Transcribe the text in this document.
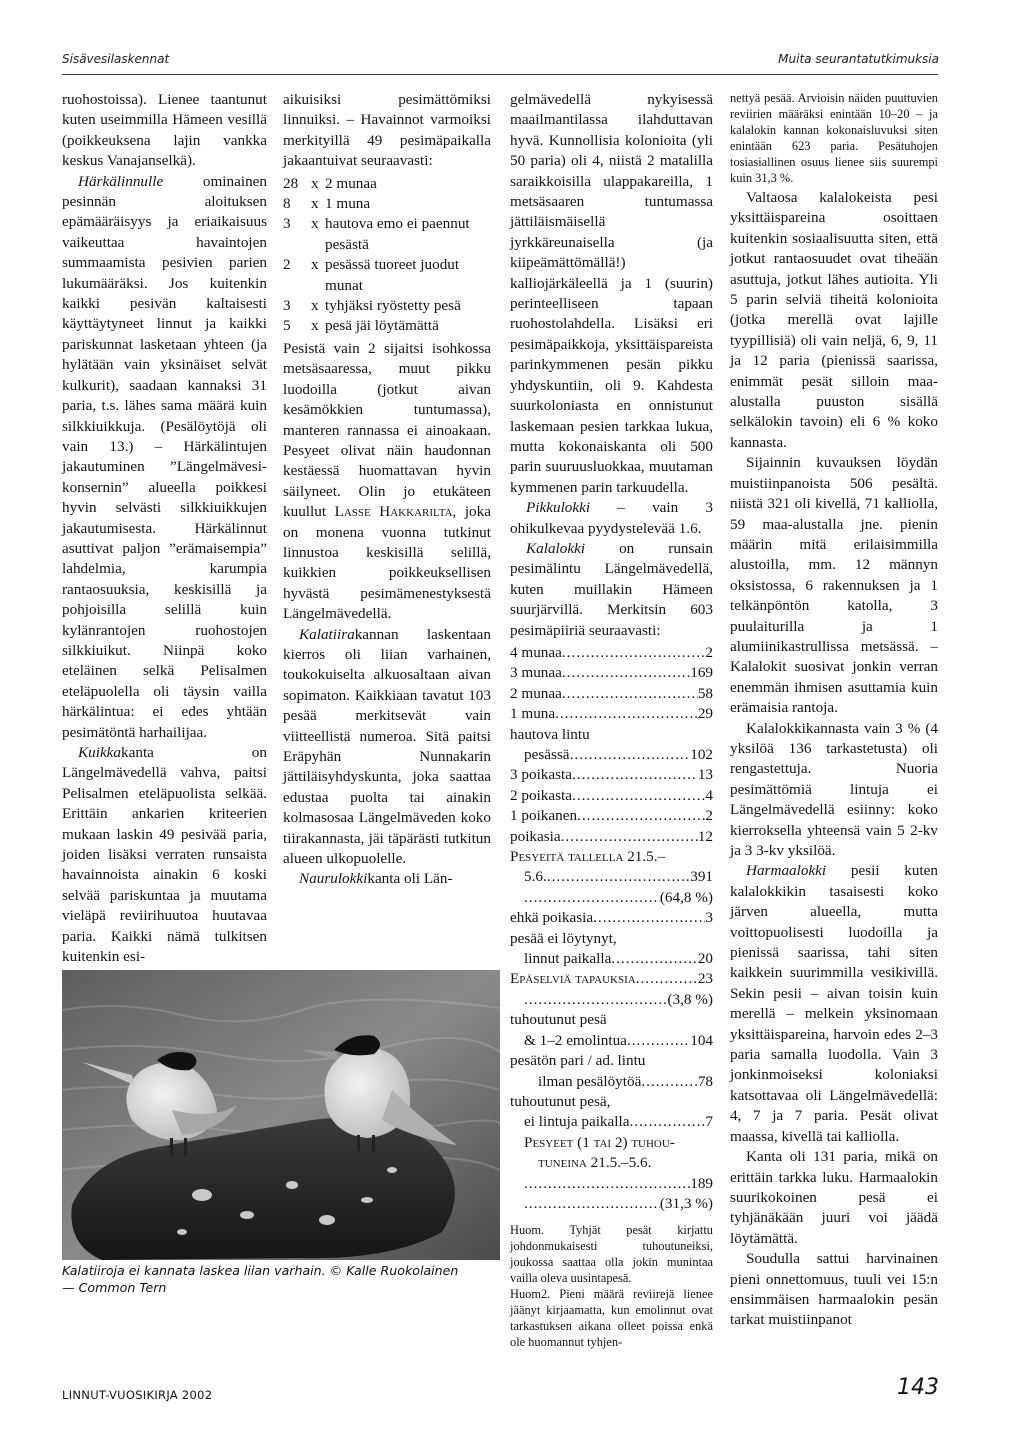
Sisävesilaskennat	Muita seurantatutkimuksia

ruohostoissa). Lienee taantunut kuten useimmilla Hämeen vesillä (poikkeuksena lajin vankka keskus Vanajanselkä).

Härkälinnulle ominainen pesinnän aloituksen epämääräisyys ja eriaikaisuus vaikeuttaa havaintojen summaamista pesivien parien lukumääräksi. Jos kuitenkin kaikki pesivän kaltaisesti käyttäytyneet linnut ja kaikki pariskunnat lasketaan yhteen (ja hylätään vain yksinäiset selvät kulkurit), saadaan kannaksi 31 paria, t.s. lähes sama määrä kuin silkkiuikkuja. (Pesälöytöjä oli vain 13.) – Härkälintujen jakautuminen ”Längelmävesi-konsernin” alueella poikkesi hyvin selvästi silkkiuikkujen jakautumisesta. Härkälinnut asuttivat paljon ”erämaisempia” lahdelmia, karumpia rantaosuuksia, keskisillä ja pohjoisilla selillä kuin kylänrantojen ruohostojen silkkiuikut. Niinpä koko eteläinen selkä Pelisalmen eteläpuolella oli täysin vailla härkälintua: ei edes yhtään pesimätöntä harhailijaa.

Kuikkakanta on Längelmävedellä vahva, paitsi Pelisalmen eteläpuolista selkää. Erittäin ankarien kriteerien mukaan laskin 49 pesivää paria, joiden lisäksi verraten runsaista havainnoista ainakin 6 koski selvää pariskuntaa ja muutama vieläpä reviirihuutoa huutavaa paria. Kaikki nämä tulkitsen kuitenkin esi-

aikuisiksi pesimättömiksi linnuiksi. – Havainnot varmoiksi merkityillä 49 pesimäpaikalla jakaantuivat seuraavasti:

28 x 2 munaa
8	x 1 muna
3	x hautova emo ei paennut pesästä
2	x pesässä tuoreet juodut munat
3	x tyhjäksi ryöstetty pesä
5	x pesä jäi löytämättä

Pesistä vain 2 sijaitsi isohkossa metsäsaaressa, muut pikku luodoilla (jotkut aivan kesämökkien tuntumassa), manteren rannassa ei ainoakaan. Pesyeet olivat näin haudonnan kestäessä huomattavan hyvin säilyneet. Olin jo etukäteen kuullut Lasse Hakkarilta, joka on monena vuonna tutkinut linnustoa keskisillä selillä, kuikkien poikkeuksellisen hyvästä pesimämenestyksestä Längelmävedellä.

Kalatiirakannan laskentaan kierros oli liian varhainen, toukokuiselta alkuosaltaan aivan sopimaton. Kaikkiaan tavatut 103 pesää merkitsevät vain viitteellistä numeroa. Sitä paitsi Eräpyhän Nunnakarin jättiläisyhdyskunta, joka saattaa edustaa puolta tai ainakin kolmasosaa Längelmäveden koko tiirakannasta, jäi täpärästi tutkitun alueen ulkopuolelle.

Naurulokkikanta oli Län-

gelmävedellä nykyisessä maailmantilassa ilahduttavan hyvä. Kunnollisia kolonioita (yli 50 paria) oli 4, niistä 2 matalilla saraikkoisilla ulappakareilla, 1 metsäsaaren tuntumassa jättiläismäisellä jyrkkäreunaisella (ja kiipeämättömällä!) kalliojärkäleellä ja 1 (suurin) perinteelliseen tapaan ruohostolahdella. Lisäksi eri pesimäpaikkoja, yksittäispareista parinkymmenen pesän pikku yhdyskuntiin, oli 9. Kahdesta suurkoloniasta en onnistunut laskemaan pesien tarkkaa lukua, mutta kokonaiskanta oli 500 parin suuruusluokkaa, muutaman kymmenen parin tarkuudella.

Pikkulokki – vain 3 ohikulkevaa pyydystelevää 1.6.

Kalalokki on runsain pesimälintu Längelmävedellä, kuten muillakin Hämeen suurjärvillä. Merkitsin 603 pesimäpiiriä seuraavasti:

4 munaa .....	2
3 munaa .....	169
2 munaa .....	58
1 muna .....	29
hautova lintu
pesässä .....	102
3 poikasta .....	13
2 poikasta .....	4
1 poikanen .....	2
poikasia .....	12
Pesyeitä tallella 21.5.–
5.6. .....	391
.....
(64,8 %)
ehkä poikasia .....	3
pesää ei löytynyt,
linnut paikalla .....	20
Epäselviä tapauksia .....	23
.....
(3,8 %)
tuhoutunut pesä
& 1–2 emolintua .....	104
pesätön pari / ad. lintu
ilman pesälöytöä .....	78
tuhoutunut pesä,
ei lintuja paikalla .....	7
Pesyeet (1 tai 2) tuhou-
tuneina 21.5.–5.6.
.....
189
.....
(31,3 %)

Huom. Tyhjät pesät kirjattu johdonmukaisesti tuhoutuneiksi, joukossa saattaa olla jokin munintaa vailla oleva uusintapesä.

Huom2. Pieni määrä reviirejä lienee jäänyt kirjaamatta, kun emolinnut ovat tarkastuksen aikana olleet poissa enkä ole huomannut tyhjen-

nettyä pesää. Arvioisin näiden puuttuvien reviirien määräksi enintään 10–20 – ja kalalokin kannan kokonaisluvuksi siten enintään 623 paria. Pesätuhojen tosiasiallinen osuus lienee siis suurempi kuin 31,3 %.

Valtaosa kalalokeista pesi yksittäispareina osoittaen kuitenkin sosiaalisuutta siten, että jotkut rantaosuudet ovat tiheään asuttuja, jotkut lähes autioita. Yli 5 parin selviä tiheitä kolonioita (jotka merellä ovat lajille tyypillisiä) oli vain neljä, 6, 9, 11 ja 12 paria (pienissä saarissa, enimmät pesät silloin maa-alustalla puuston sisällä selkälokin tavoin) eli 6 % koko kannasta.

Sijainnin kuvauksen löydän muistiinpanoista 506 pesältä. niistä 321 oli kivellä, 71 kalliolla, 59 maa-alustalla jne. pienin määrin mitä erilaisimmilla alustoilla, mm. 12 männyn oksistossa, 6 rakennuksen ja 1 telkänpöntön katolla, 3 puulaiturilla ja 1 alumiinikastrullissa metsässä. – Kalalokit suosivat jonkin verran enemmän ihmisen asuttamia kuin erämaisia rantoja.

Kalalokkikannasta vain 3 % (4 yksilöä 136 tarkastetusta) oli rengastettuja. Nuoria pesimättömiä lintuja ei Längelmävedellä esiinny: koko kierroksella yhteensä vain 5 2-kv ja 3 3-kv yksilöä.

Harmaalokki pesii kuten kalalokkikin tasaisesti koko järven alueella, mutta voittopuolisesti luodoilla ja pienissä saarissa, tahi siten kaikkein suurimmilla vesikivillä. Sekin pesii – aivan toisin kuin merellä – melkein yksinomaan yksittäispareina, harvoin edes 2–3 paria samalla luodolla. Vain 3 jonkinmoiseksi koloniaksi katsottavaa oli Längelmävedellä: 4, 7 ja 7 paria. Pesät olivat maassa, kivellä tai kalliolla.

Kanta oli 131 paria, mikä on erittäin tarkka luku. Harmaalokin suurikokoinen pesä ei tyhjänäkään juuri voi jäädä löytämättä.

Soudulla sattui harvinainen pieni onnettomuus, tuuli vei 15:n ensimmäisen harmaalokin pesän tarkat muistiinpanot

Kalatiiroja ei kannata laskea liian varhain. © Kalle Ruokolainen
— Common Tern
LINNUT-VUOSIKIRJA 2002	143
